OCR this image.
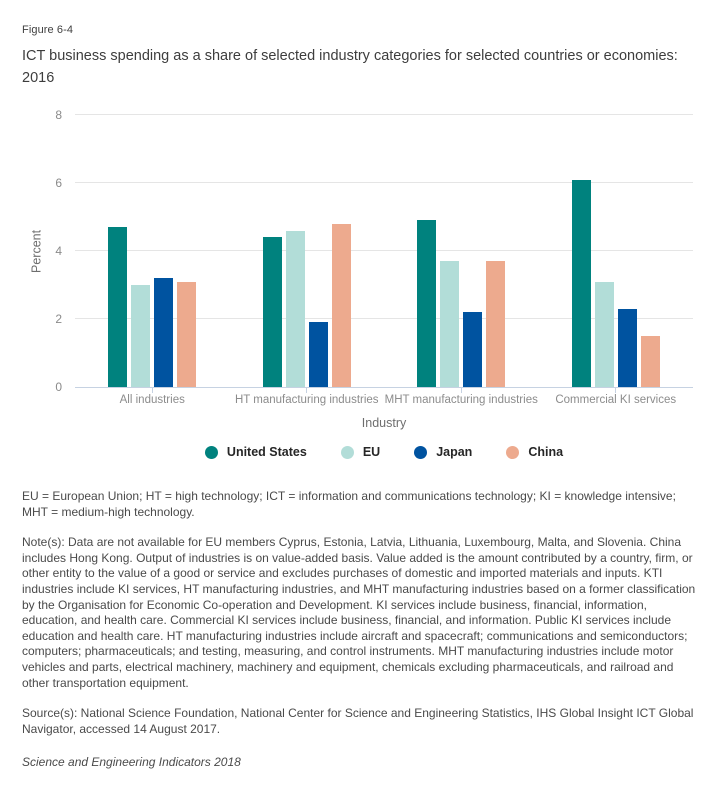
Figure 6-4
ICT business spending as a share of selected industry categories for selected countries or economies: 2016
Percent
0
2
4
6
8
All industries	HT manufacturing industries MHT manufacturing industries	Commercial KI services
Industry
United States	EU	Japan	China

EU = European Union; HT = high technology; ICT = information and communications technology; KI = knowledge intensive; MHT = medium-high technology.

Note(s): Data are not available for EU members Cyprus, Estonia, Latvia, Lithuania, Luxembourg, Malta, and Slovenia. China includes Hong Kong. Output of industries is on value-added basis. Value added is the amount contributed by a country, firm, or other entity to the value of a good or service and excludes purchases of domestic and imported materials and inputs. KTI industries include KI services, HT manufacturing industries, and MHT manufacturing industries based on a former classification by the Organisation for Economic Co-operation and Development. KI services include business, financial, information, education, and health care. Commercial KI services include business, financial, and information. Public KI services include education and health care. HT manufacturing industries include aircraft and spacecraft; communications and semiconductors; computers; pharmaceuticals; and testing, measuring, and control instruments. MHT manufacturing industries include motor vehicles and parts, electrical machinery, machinery and equipment, chemicals excluding pharmaceuticals, and railroad and other transportation equipment.

Source(s): National Science Foundation, National Center for Science and Engineering Statistics, IHS Global Insight ICT Global Navigator, accessed 14 August 2017.

Science and Engineering Indicators 2018
